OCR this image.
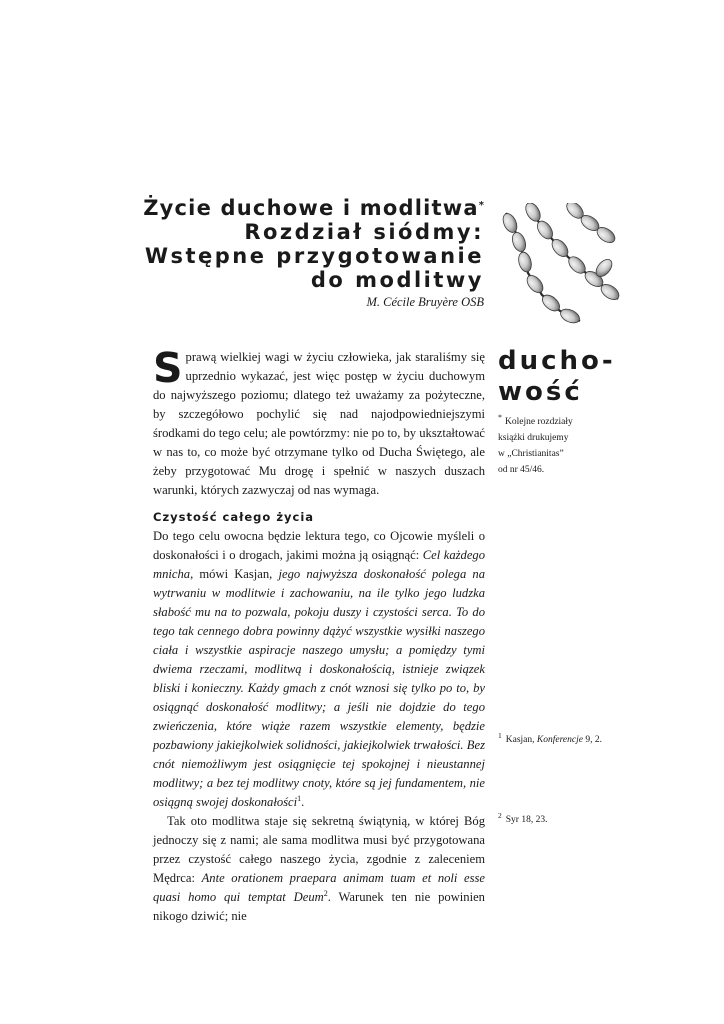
Życie duchowe i modlitwa*
Rozdział siódmy:
Wstępne przygotowanie
do modlitwy
M. Cécile Bruyère OSB

Sprawą wielkiej wagi w życiu człowieka, jak staraliśmy się uprzednio wykazać, jest więc postęp w życiu duchowym do najwyższego poziomu; dlatego też uważamy za pożyteczne, by szczegółowo pochylić się nad najodpowiedniejszymi środkami do tego celu; ale powtórzmy: nie po to, by ukształtować w nas to, co może być otrzymane tylko od Ducha Świętego, ale żeby przygotować Mu drogę i spełnić w naszych duszach warunki, których zazwyczaj od nas wymaga.

Czystość całego życia

Do tego celu owocna będzie lektura tego, co Ojcowie myśleli o doskonałości i o drogach, jakimi można ją osiągnąć: Cel każdego mnicha, mówi Kasjan, jego najwyższa doskonałość polega na wytrwaniu w modlitwie i zachowaniu, na ile tylko jego ludzka słabość mu na to pozwala, pokoju duszy i czystości serca. To do tego tak cennego dobra powinny dążyć wszystkie wysiłki naszego ciała i wszystkie aspiracje naszego umysłu; a pomiędzy tymi dwiema rzeczami, modlitwą i doskonałością, istnieje związek bliski i konieczny. Każdy gmach z cnót wznosi się tylko po to, by osiągnąć doskonałość modlitwy; a jeśli nie dojdzie do tego zwieńczenia, które wiąże razem wszystkie elementy, będzie pozbawiony jakiejkolwiek solidności, jakiejkolwiek trwałości. Bez cnót niemożliwym jest osiągnięcie tej spokojnej i nieustannej modlitwy; a bez tej modlitwy cnoty, które są jej fundamentem, nie osiągną swojej doskonałości$^1$.

Tak oto modlitwa staje się sekretną świątynią, w której Bóg jednoczy się z nami; ale sama modlitwa musi być przygotowana przez czystość całego naszego życia, zgodnie z zaleceniem Mędrca: Ante orationem praepara animam tuam et noli esse quasi homo qui temptat Deum$^2$. Warunek ten nie powinien nikogo dziwić; nie

ducho-
wość
* Kolejne rozdziały
książki drukujemy
w „Christianitas”
od nr 45/46.
$^1$ Kasjan, Konferencje 9, 2.
$^2$ Syr 18, 23.
